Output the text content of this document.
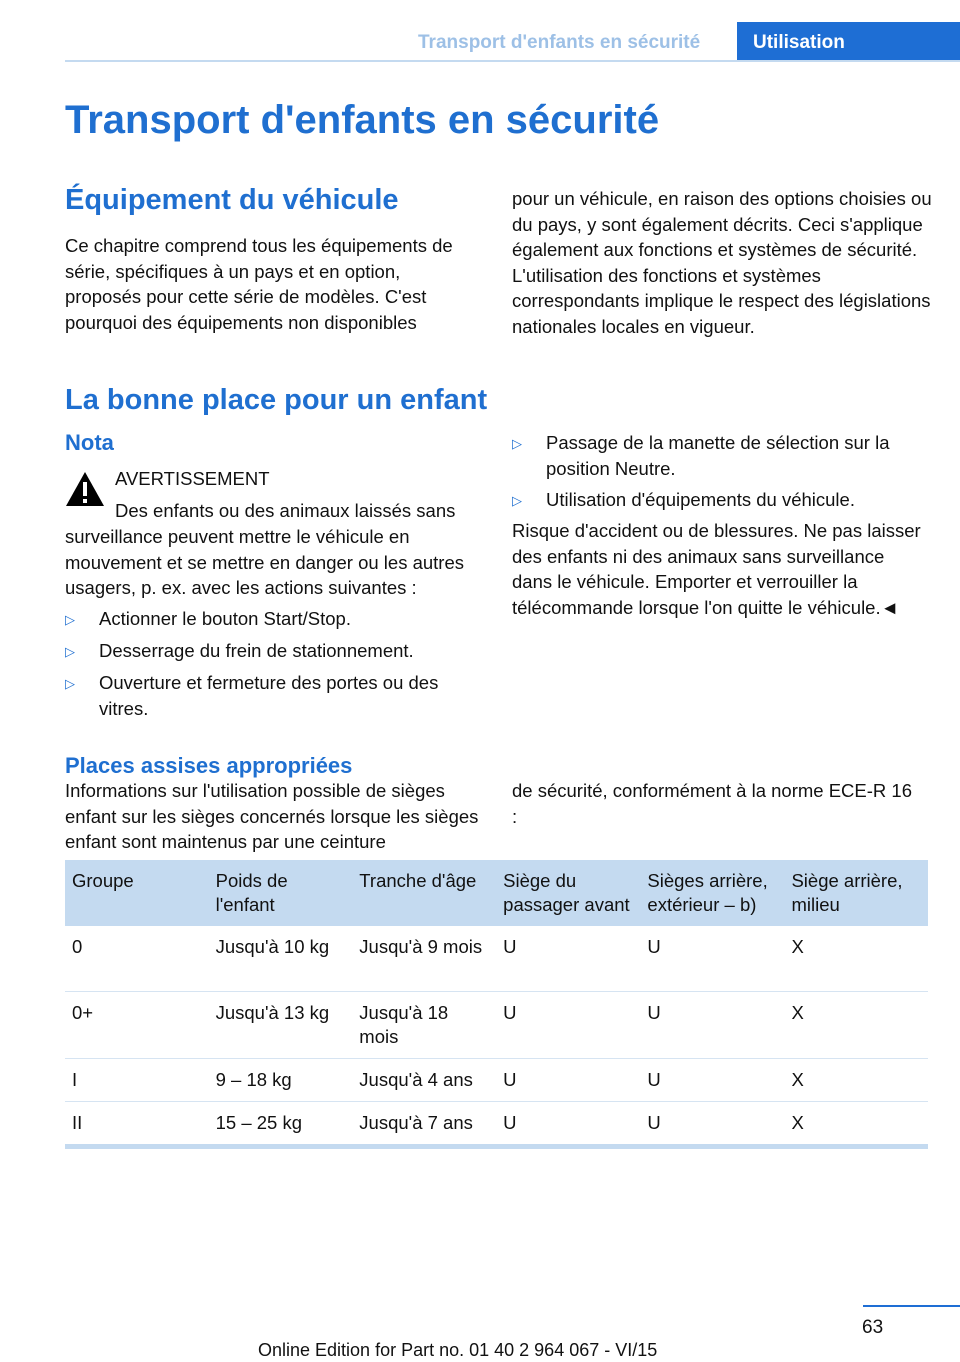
Transport d'enfants en sécurité	Utilisation
Transport d'enfants en sécurité
Équipement du véhicule

Ce chapitre comprend tous les équipements de série, spécifiques à un pays et en option, proposés pour cette série de modèles. C'est pourquoi des équipements non disponibles

pour un véhicule, en raison des options choisies ou du pays, y sont également décrits. Ceci s'applique également aux fonctions et systèmes de sécurité. L'utilisation des fonctions et systèmes correspondants implique le respect des législations nationales locales en vigueur.

La bonne place pour un enfant
Nota
AVERTISSEMENT
Des enfants ou des animaux laissés sans

surveillance peuvent mettre le véhicule en mouvement et se mettre en danger ou les autres usagers, p. ex. avec les actions suivantes :

▷ Actionner le bouton Start/Stop.
▷ Desserrage du frein de stationnement.
▷ Ouverture et fermeture des portes ou des vitres.
▷ Passage de la manette de sélection sur la position Neutre.
▷ Utilisation d'équipements du véhicule.

Risque d'accident ou de blessures. Ne pas laisser des enfants ni des animaux sans surveillance dans le véhicule. Emporter et verrouiller la télécommande lorsque l'on quitte le véhicule.◄

Places assises appropriées

Informations sur l'utilisation possible de sièges enfant sur les sièges concernés lorsque les sièges enfant sont maintenus par une ceinture

de sécurité, conformément à la norme ECE-R 16 :

Groupe	Poids de l'enfant	Tranche d'âge	Siège du passager avant	Sièges arrière, extérieur – b)	Siège arrière, milieu
0	Jusqu'à 10 kg	Jusqu'à 9 mois	U	U	X
0+	Jusqu'à 13 kg	Jusqu'à 18 mois	U	U	X
I	9 – 18 kg	Jusqu'à 4 ans	U	U	X
II	15 – 25 kg	Jusqu'à 7 ans	U	U	X
63
Online Edition for Part no. 01 40 2 964 067 - VI/15
